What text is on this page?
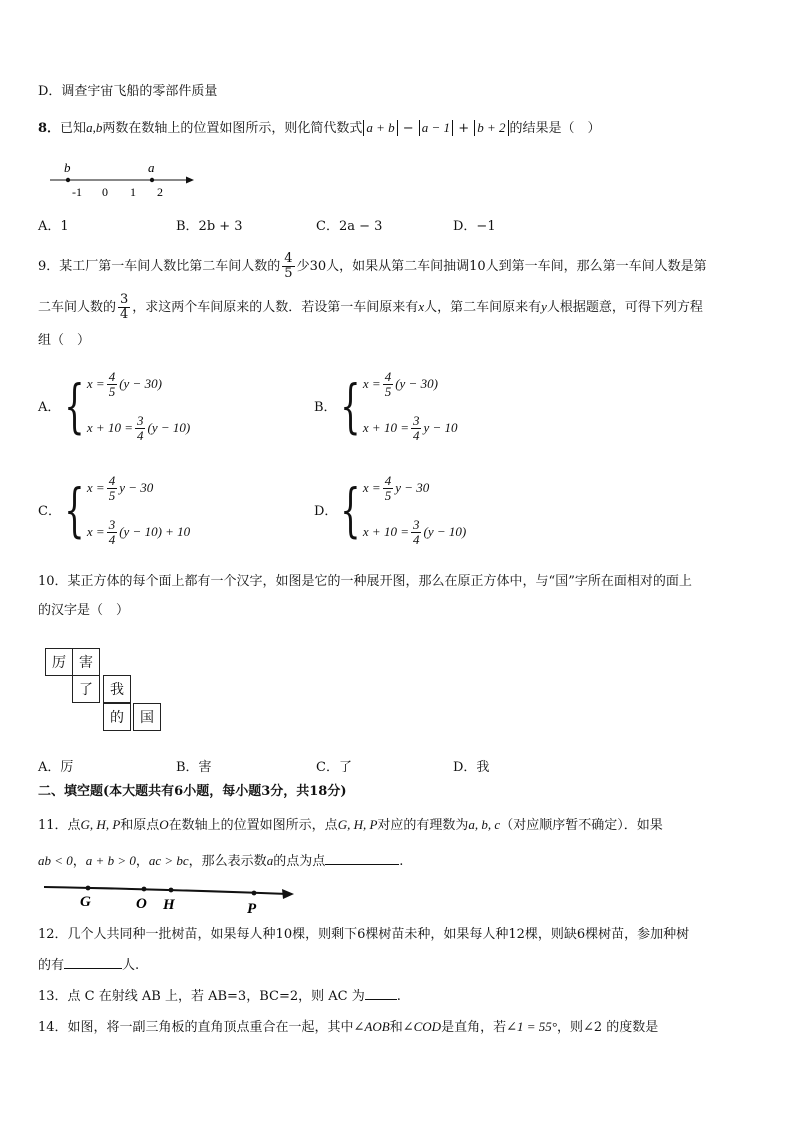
D．调查宇宙飞船的零部件质量
8．已知a,b两数在数轴上的位置如图所示，则化简代数式 a + b − a − 1 + b + 2 的结果是（　）
b	a
-1 0 1 2
A．1	B．2b + 3	C．2a − 3	D．−1
9．某工厂第一车间人数比第二车间人数的 $\frac{4}{5}$ 少30人，如果从第二车间抽调10人到第一车间，那么第一车间人数是第
二车间人数的 $\frac{3}{4}$ ，求这两个车间原来的人数．若设第一车间原来有x人，第二车间原来有y人根据题意，可得下列方程
组（　）
A． { $x = \frac{4}{5} (y - 30)$
$x + 10 = \frac{3}{4} (y - 10)$
B． { $x = \frac{4}{5} (y - 30)$
$x + 10 = \frac{3}{4}$ y − 10
C． { $x = \frac{4}{5}$ y − 30
$x = \frac{3}{4} (y - 10) + 10$
D． { $x = \frac{4}{5}$ y − 30
$x + 10 = \frac{3}{4} (y - 10)$
10．某正方体的每个面上都有一个汉字，如图是它的一种展开图，那么在原正方体中，与“国”字所在面相对的面上
的汉字是（　）
厉 害
了	我
的	国
A．厉	B．害	C．了	D．我
二、填空题(本大题共有6小题，每小题3分，共18分)
11．点G, H, P和原点O在数轴上的位置如图所示，点G, H, P对应的有理数为a, b, c（对应顺序暂不确定）．如果
ab < 0，a + b > 0，ac > bc，那么表示数a的点为点	.
G	O H	P
12．几个人共同种一批树苗，如果每人种10棵，则剩下6棵树苗未种，如果每人种12棵，则缺6棵树苗，参加种树
的有	人.
13．点 C 在射线 AB 上，若 AB=3，BC=2，则 AC 为 .
14．如图，将一副三角板的直角顶点重合在一起，其中∠AOB和∠COD是直角，若∠1 = 55°，则∠2 的度数是
